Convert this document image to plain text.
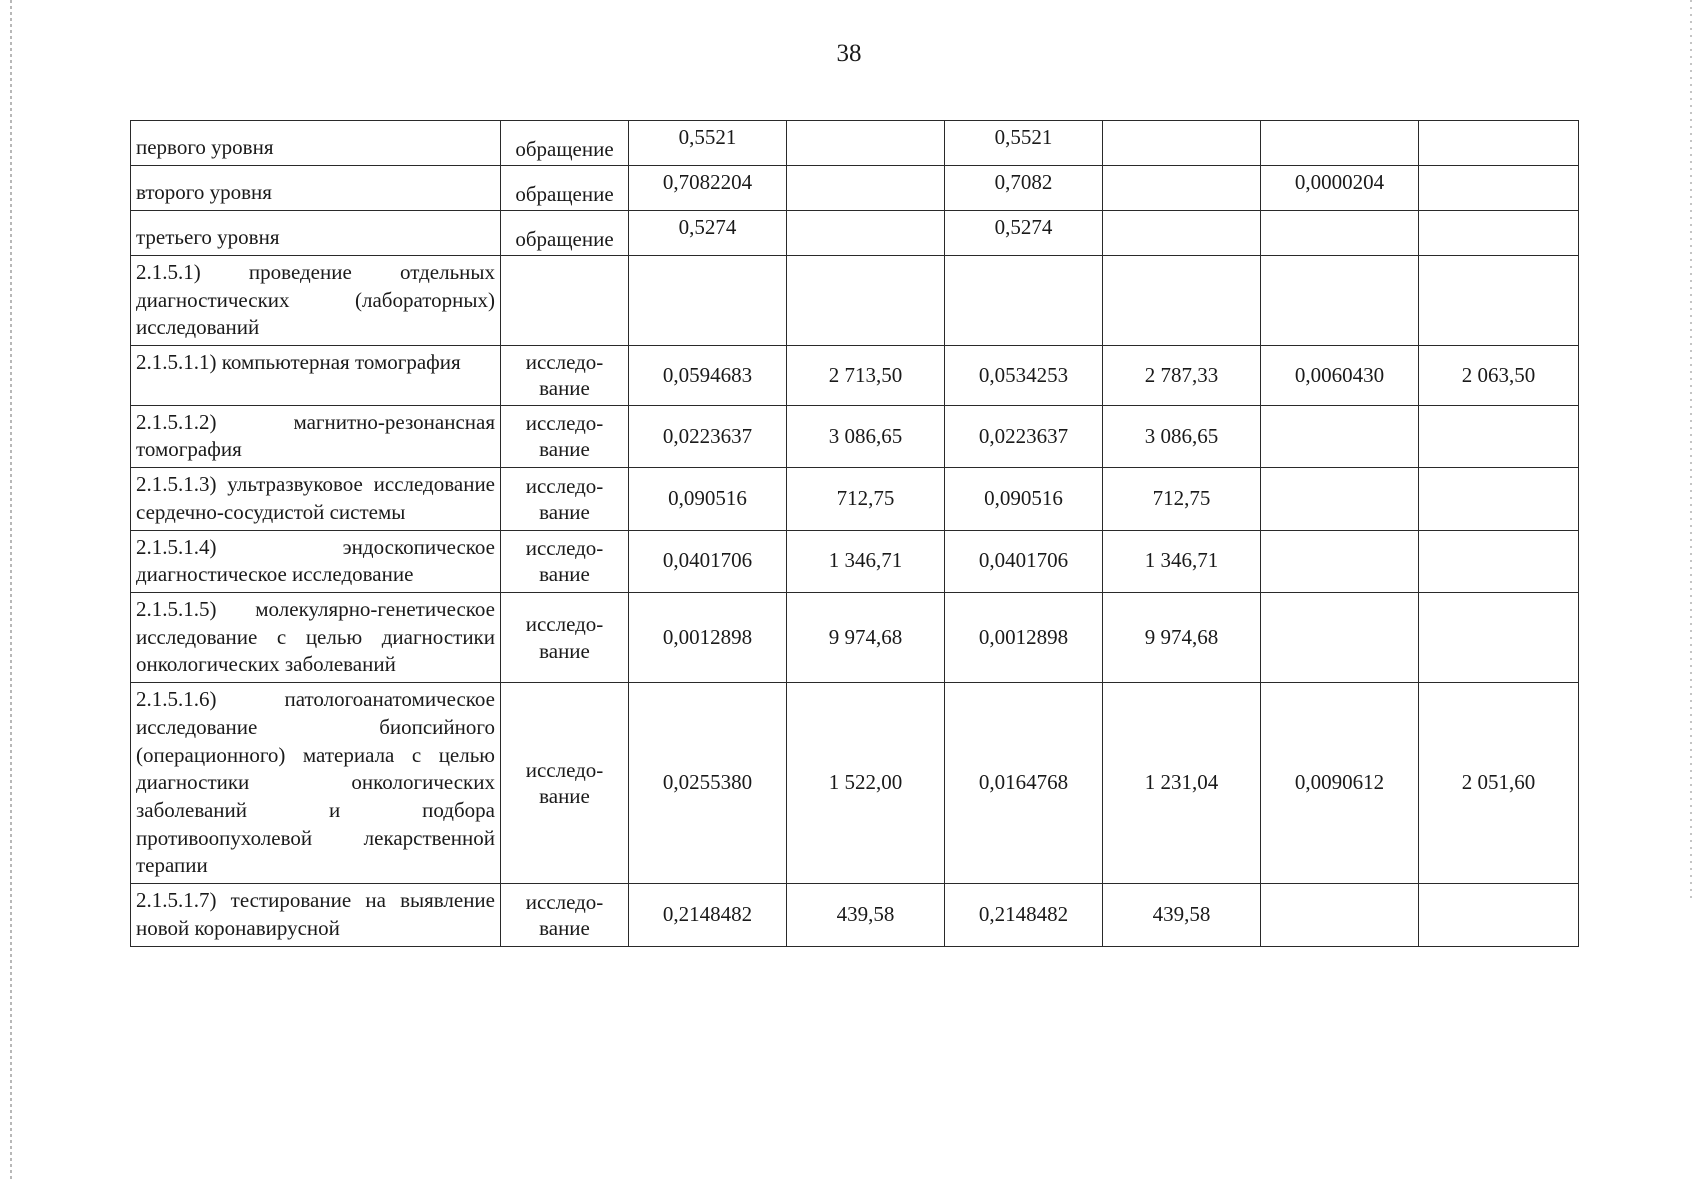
38
первого уровня	обращение	0,5521		0,5521			
второго уровня	обращение	0,7082204		0,7082		0,0000204	
третьего уровня	обращение	0,5274		0,5274			
2.1.5.1) проведение отдельных диагностических (лабораторных) исследований							
2.1.5.1.1) компьютерная томография	исследо-вание	0,0594683	2 713,50	0,0534253	2 787,33	0,0060430	2 063,50
2.1.5.1.2) магнитно-резонансная томография	исследо-вание	0,0223637	3 086,65	0,0223637	3 086,65		
2.1.5.1.3) ультразвуковое исследование сердечно-сосудистой системы	исследо-вание	0,090516	712,75	0,090516	712,75		
2.1.5.1.4) эндоскопическое диагностическое исследование	исследо-вание	0,0401706	1 346,71	0,0401706	1 346,71		
2.1.5.1.5) молекулярно-генетическое исследование с целью диагностики онкологических заболеваний	исследо-вание	0,0012898	9 974,68	0,0012898	9 974,68		
2.1.5.1.6) патологоанатомическое исследование биопсийного (операционного) материала с целью диагностики онкологических заболеваний и подбора противоопухолевой лекарственной терапии	исследо-вание	0,0255380	1 522,00	0,0164768	1 231,04	0,0090612	2 051,60
2.1.5.1.7) тестирование на выявление новой коронавирусной	исследо-вание	0,2148482	439,58	0,2148482	439,58		
